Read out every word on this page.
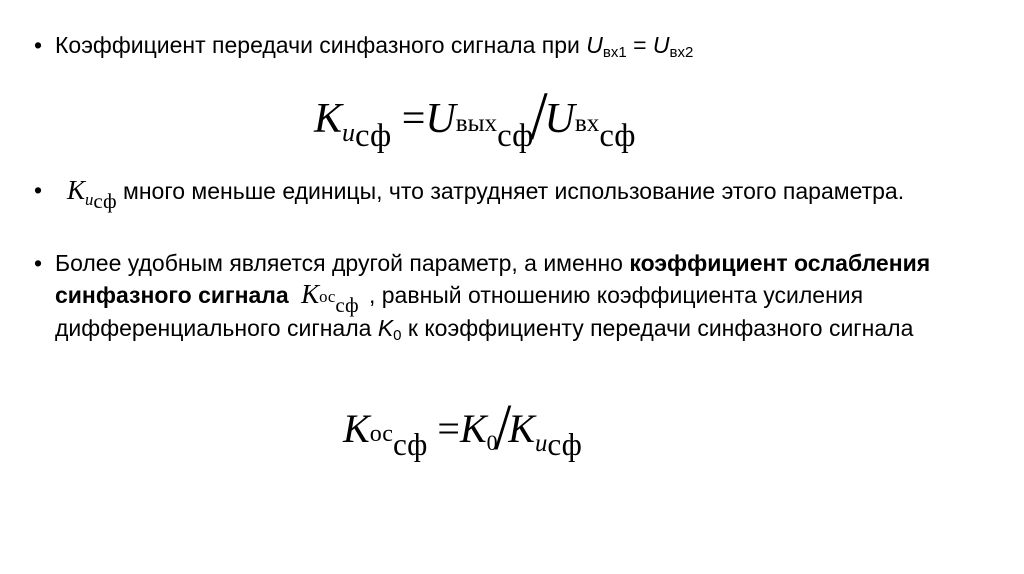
• Коэффициент передачи синфазного сигнала при $U_{вх1} = U_{вх2}$
$K_{uсф}$ =Uвых$_{сф}$/Uвх$_{сф}$
• $K_{uсф}$ много меньше единицы, что затрудняет использование этого параметра.
• Более удобным является другой параметр, а именно коэффициент ослабления синфазного сигнала Kос$_{сф}$ , равный отношению коэффициента усиления дифференциального сигнала $K_0$ к коэффициенту передачи синфазного сигнала
$Kос_{сф} =K0/K_{uсф}$
